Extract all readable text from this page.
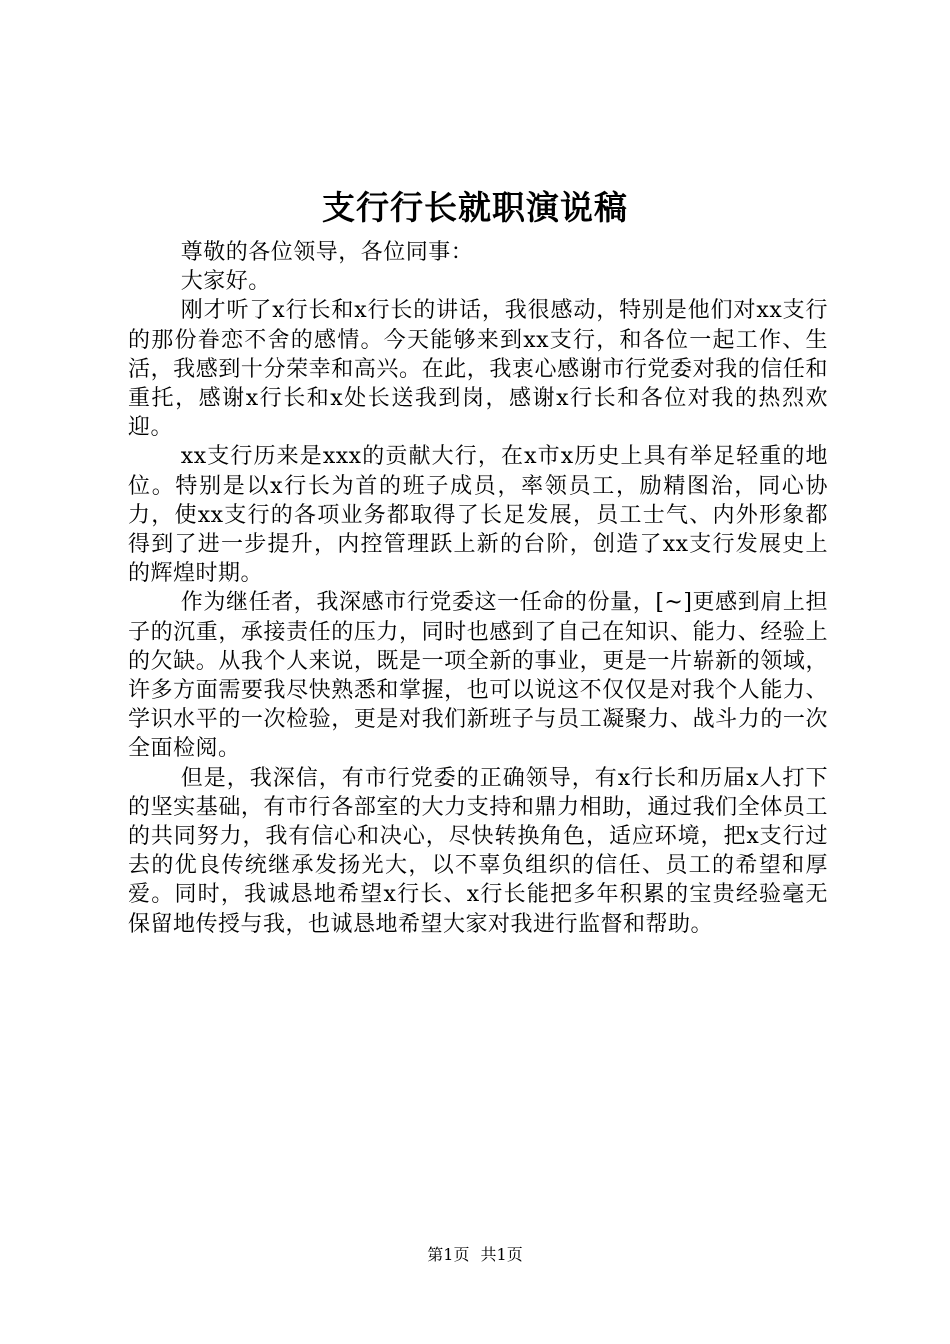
支行行长就职演说稿

尊敬的各位领导，各位同事：

大家好。

刚才听了x行长和x行长的讲话，我很感动，特别是他们对xx支行的那份眷恋不舍的感情。今天能够来到xx支行，和各位一起工作、生活，我感到十分荣幸和高兴。在此，我衷心感谢市行党委对我的信任和重托，感谢x行长和x处长送我到岗，感谢x行长和各位对我的热烈欢迎。

xx支行历来是xxx的贡献大行，在x市x历史上具有举足轻重的地位。特别是以x行长为首的班子成员，率领员工，励精图治，同心协力，使xx支行的各项业务都取得了长足发展，员工士气、内外形象都得到了进一步提升，内控管理跃上新的台阶，创造了xx支行发展史上的辉煌时期。

作为继任者，我深感市行党委这一任命的份量，[~]更感到肩上担子的沉重，承接责任的压力，同时也感到了自己在知识、能力、经验上的欠缺。从我个人来说，既是一项全新的事业，更是一片崭新的领域，许多方面需要我尽快熟悉和掌握，也可以说这不仅仅是对我个人能力、学识水平的一次检验，更是对我们新班子与员工凝聚力、战斗力的一次全面检阅。

但是，我深信，有市行党委的正确领导，有x行长和历届x人打下的坚实基础，有市行各部室的大力支持和鼎力相助，通过我们全体员工的共同努力，我有信心和决心，尽快转换角色，适应环境，把x支行过去的优良传统继承发扬光大，以不辜负组织的信任、员工的希望和厚爱。同时，我诚恳地希望x行长、x行长能把多年积累的宝贵经验毫无保留地传授与我，也诚恳地希望大家对我进行监督和帮助。

第1页 共1页
